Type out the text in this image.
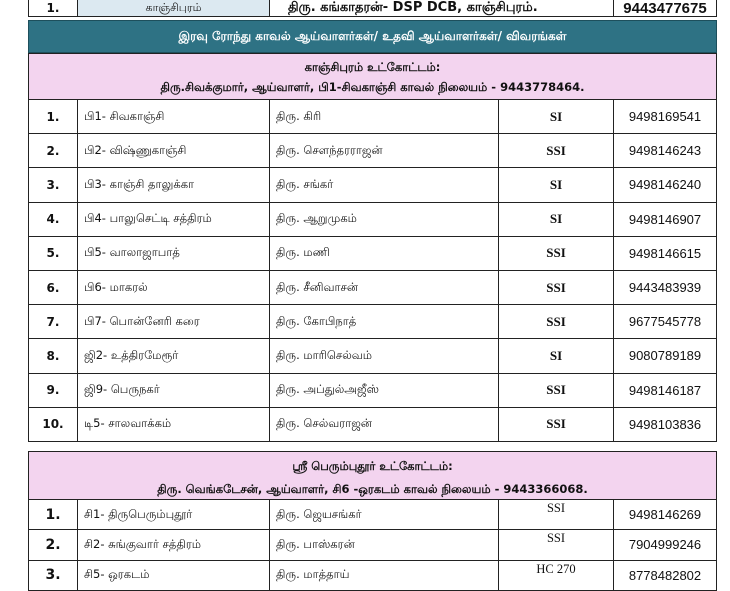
1.	காஞ்சிபுரம்	திரு. கங்காதரன்- DSP DCB, காஞ்சிபுரம்.	9443477675
இரவு ரோந்து காவல் ஆய்வாளர்கள்/ உதவி ஆய்வாளர்கள்/ விவரங்கள்
காஞ்சிபுரம் உட்கோட்டம்:
திரு.சிவக்குமார், ஆய்வாளர், பி1-சிவகாஞ்சி காவல் நிலையம் - 9443778464.
1.	பி1- சிவகாஞ்சி	திரு. கிரி	SI	9498169541
2.	பி2- விஷ்ணுகாஞ்சி	திரு. சௌந்தரராஜன்	SSI	9498146243
3.	பி3- காஞ்சி தாலுக்கா	திரு. சங்கர்	SI	9498146240
4.	பி4- பாலுசெட்டி சத்திரம்	திரு. ஆறுமுகம்	SI	9498146907
5.	பி5- வாலாஜாபாத்	திரு. மணி	SSI	9498146615
6.	பி6- மாகரல்	திரு. சீனிவாசன்	SSI	9443483939
7.	பி7- பொன்னேரி கரை	திரு. கோபிநாத்	SSI	9677545778
8.	ஜி2- உத்திரமேரூர்	திரு. மாரிசெல்வம்	SI	9080789189
9.	ஜி9- பெருநகர்	திரு. அப்துல்அஜீஸ்	SSI	9498146187
10.	டி5- சாலவாக்கம்	திரு. செல்வராஜன்	SSI	9498103836
ஸ்ரீ பெரும்புதூர் உட்கோட்டம்:
திரு. வெங்கடேசன், ஆய்வாளர், சி6 -ஒரகடம் காவல் நிலையம் - 9443366068.
1.	சி1- திருபெரும்புதூர்	திரு. ஜெயசங்கர்	SSI	9498146269
2.	சி2- சுங்குவார் சத்திரம்	திரு. பாஸ்கரன்	SSI	7904999246
3.	சி5- ஒரகடம்	திரு. மாத்தாய்	HC 270	8778482802
